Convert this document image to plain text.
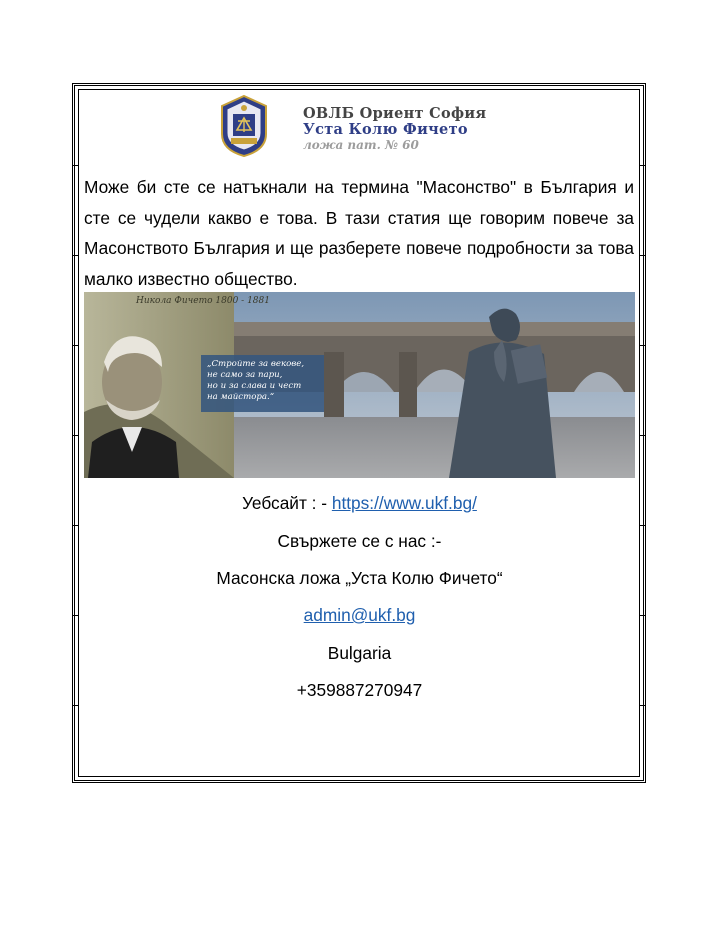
ОВЛБ Ориент София
Уста Колю Фичето
ложа пат. № 60

Може би сте се натъкнали на термина "Масонство" в България и сте се чудели какво е това. В тази статия ще говорим повече за Масонството България и ще разберете повече подробности за това малко известно общество.

Никола Фичето 1800 - 1881
„Стройте за векове,
не само за пари,
но и за слава и чест
на майстора.“
Уебсайт : - https://www.ukf.bg/
Свържете се с нас :-
Масонска ложа „Уста Колю Фичето“
admin@ukf.bg
Bulgaria
+359887270947
